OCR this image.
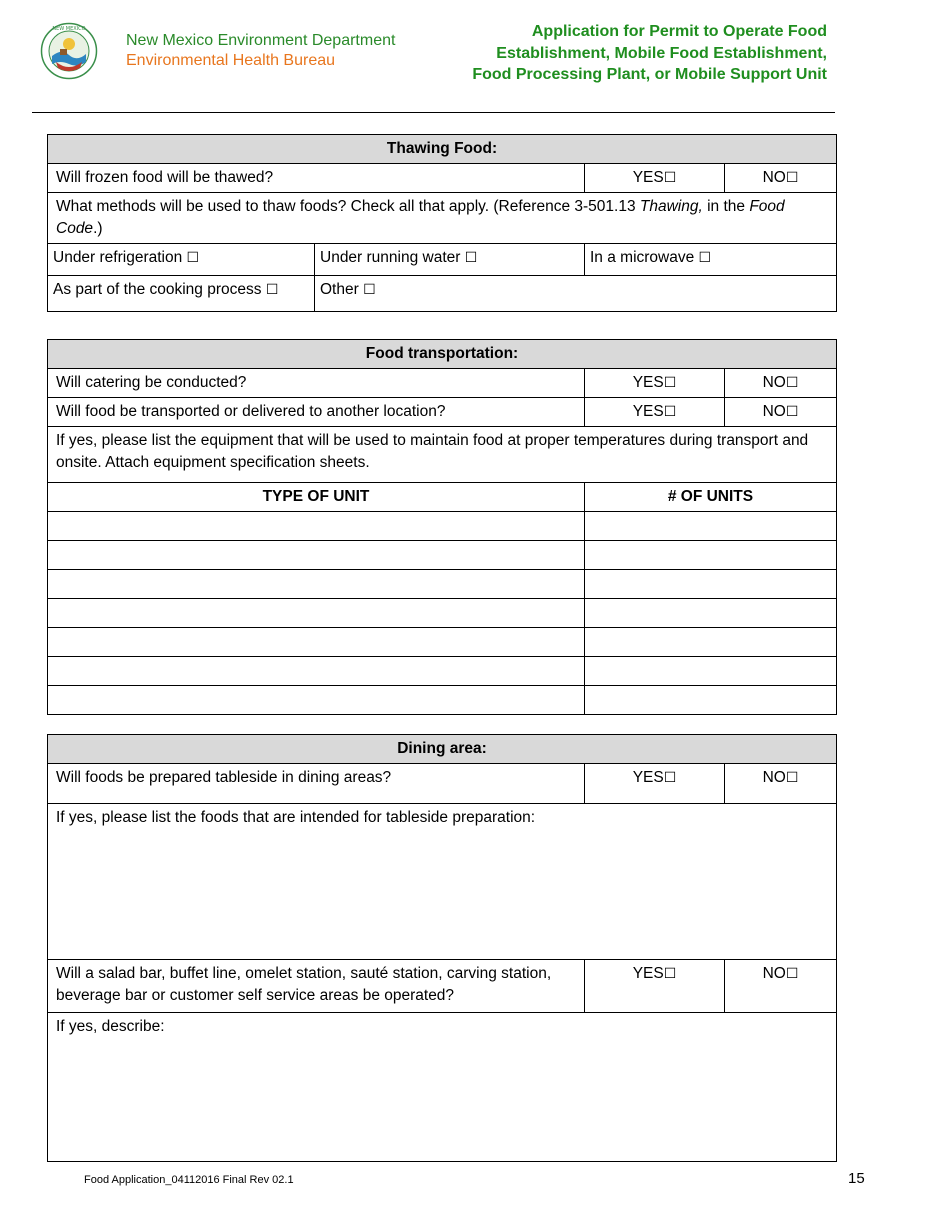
NEW MEXICO
New Mexico Environment Department
Environmental Health Bureau
Application for Permit to Operate Food Establishment, Mobile Food Establishment, Food Processing Plant, or Mobile Support Unit
Thawing Food:			
Will frozen food will be thawed?		YES☐	NO☐
What methods will be used to thaw foods? Check all that apply. (Reference 3-501.13 Thawing, in the Food Code.)			
Under refrigeration ☐	Under running water ☐	In a microwave ☐	
As part of the cooking process ☐	Other ☐		
Food transportation:		
Will catering be conducted?	YES☐	NO☐
Will food be transported or delivered to another location?	YES☐	NO☐
If yes, please list the equipment that will be used to maintain food at proper temperatures during transport and onsite. Attach equipment specification sheets.		
TYPE OF UNIT	# OF UNITS	

Dining area:		
Will foods be prepared tableside in dining areas?	YES☐	NO☐
If yes, please list the foods that are intended for tableside preparation:		
Will a salad bar, buffet line, omelet station, sauté station, carving station, beverage bar or customer self service areas be operated?	YES☐	NO☐
If yes, describe:		
Food Application_04112016 Final Rev 02.1	15
